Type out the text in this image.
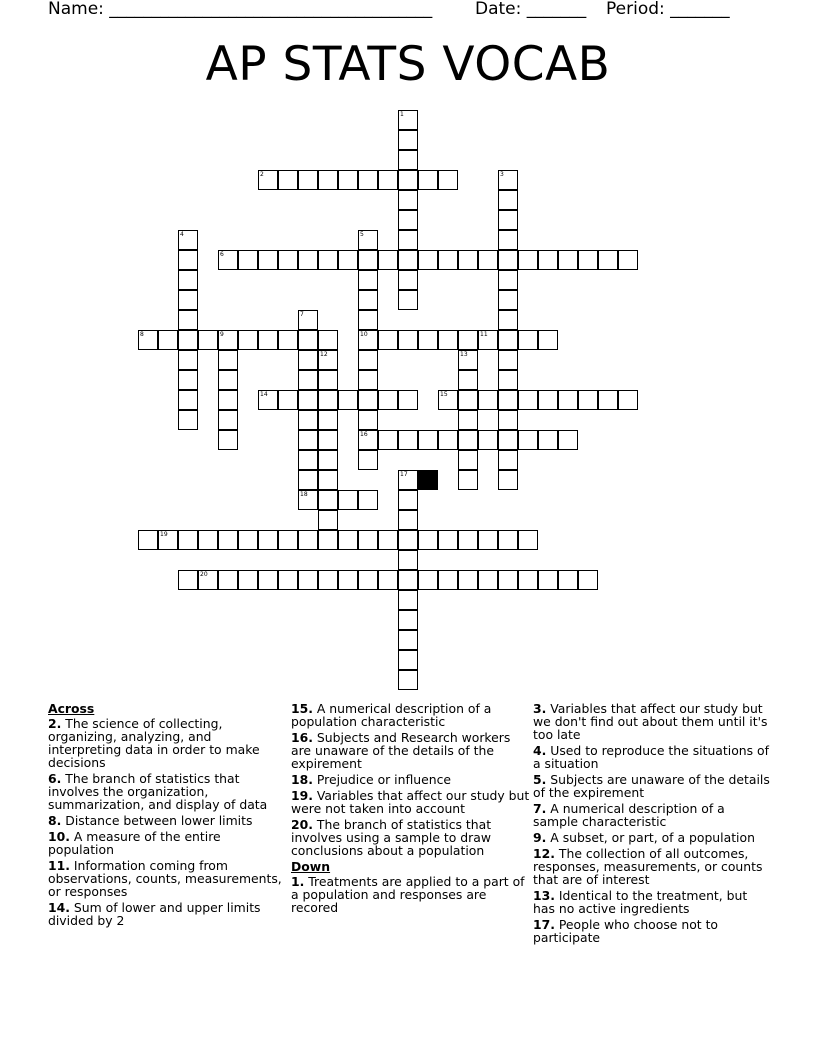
Name: ______________________________________	Date: _______ Period: _______
AP STATS VOCAB
2
6
8	9	10	11
14	15
16
18
19
20
1
3
4	5
7
12	13
17
Across
2. The science of collecting, organizing, analyzing, and interpreting data in order to make decisions
6. The branch of statistics that involves the organization, summarization, and display of data
8. Distance between lower limits
10. A measure of the entire population
11. Information coming from observations, counts, measurements, or responses
14. Sum of lower and upper limits divided by 2
15. A numerical description of a population characteristic
16. Subjects and Research workers are unaware of the details of the expirement
18. Prejudice or influence
19. Variables that affect our study but were not taken into account
20. The branch of statistics that involves using a sample to draw conclusions about a population
Down
1. Treatments are applied to a part of a population and responses are recored
3. Variables that affect our study but we don't find out about them until it's too late
4. Used to reproduce the situations of a situation
5. Subjects are unaware of the details of the expirement
7. A numerical description of a sample characteristic
9. A subset, or part, of a population
12. The collection of all outcomes, responses, measurements, or counts that are of interest
13. Identical to the treatment, but has no active ingredients
17. People who choose not to participate
